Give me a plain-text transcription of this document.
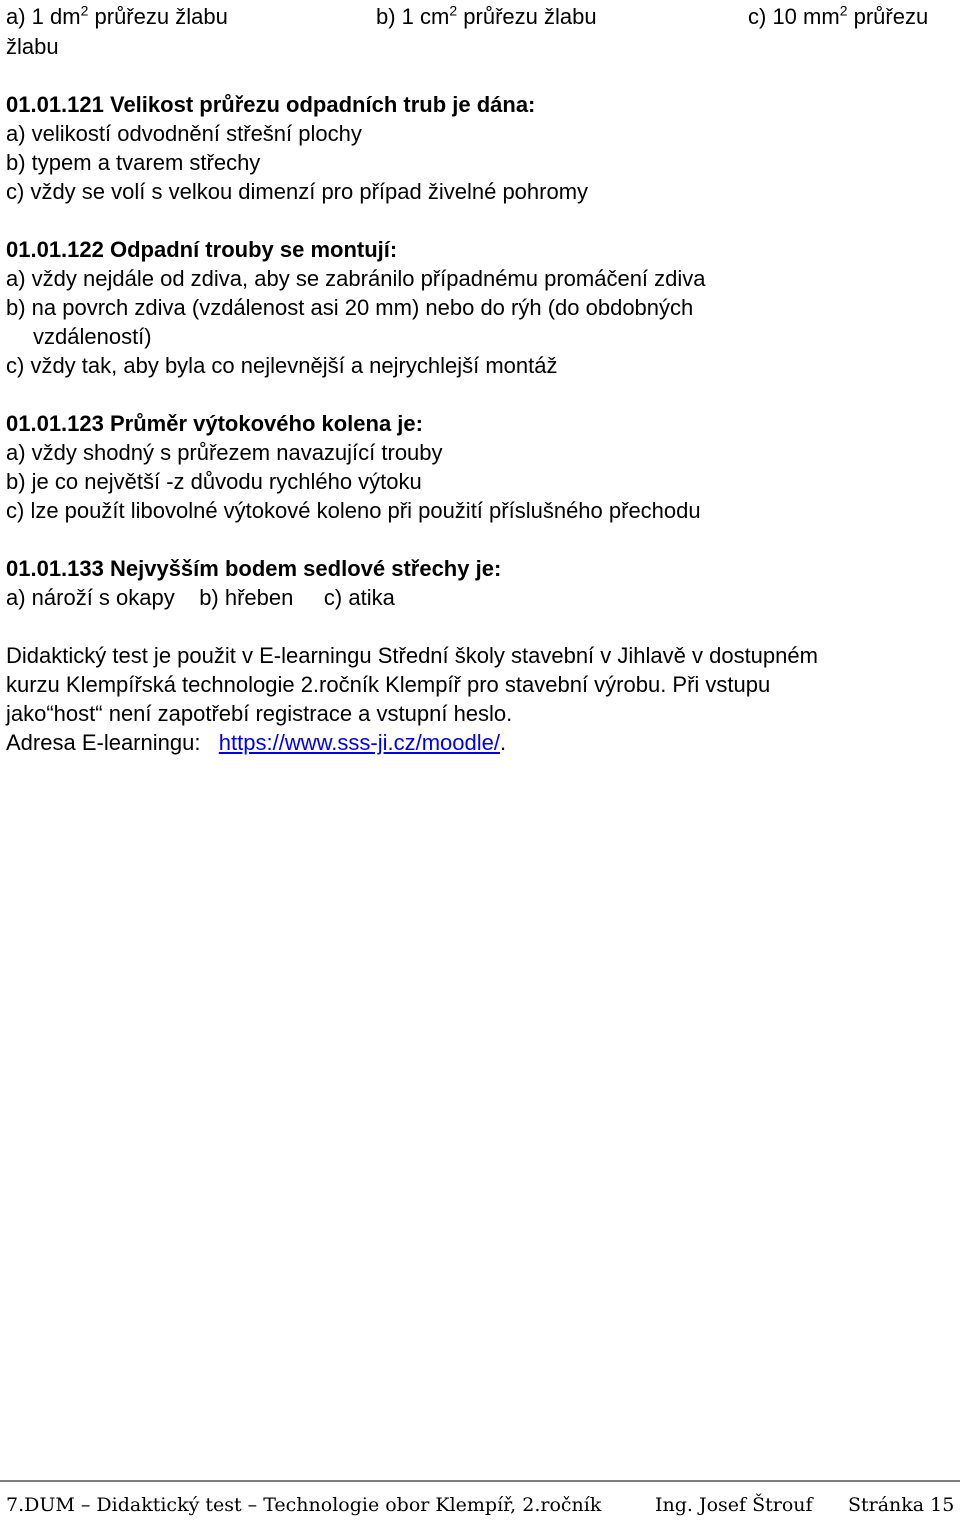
a) 1 $dm^2$ průřezu žlabu	b) 1 $cm^2$ průřezu žlabu	c) 10 $mm^2$ průřezu
žlabu
01.01.121 Velikost průřezu odpadních trub je dána:
a) velikostí odvodnění střešní plochy
b) typem a tvarem střechy
c) vždy se volí s velkou dimenzí pro případ živelné pohromy
01.01.122 Odpadní trouby se montují:
a) vždy nejdále od zdiva, aby se zabránilo případnému promáčení zdiva
b) na povrch zdiva (vzdálenost asi 20 mm) nebo do rýh (do obdobných
vzdáleností)
c) vždy tak, aby byla co nejlevnější a nejrychlejší montáž
01.01.123 Průměr výtokového kolena je:
a) vždy shodný s průřezem navazující trouby
b) je co největší -z důvodu rychlého výtoku
c) lze použít libovolné výtokové koleno při použití příslušného přechodu
01.01.133 Nejvyšším bodem sedlové střechy je:
a) nároží s okapy    b) hřeben     c) atika
Didaktický test je použit v E-learningu Střední školy stavební v Jihlavě v dostupném
kurzu Klempířská technologie 2.ročník Klempíř pro stavební výrobu. Při vstupu
jako“host“ není zapotřebí registrace a vstupní heslo.
Adresa E-learningu:   https://www.sss-ji.cz/moodle/.
7.DUM – Didaktický test – Technologie obor Klempíř, 2.ročník	Ing. Josef Štrouf Stránka 15
